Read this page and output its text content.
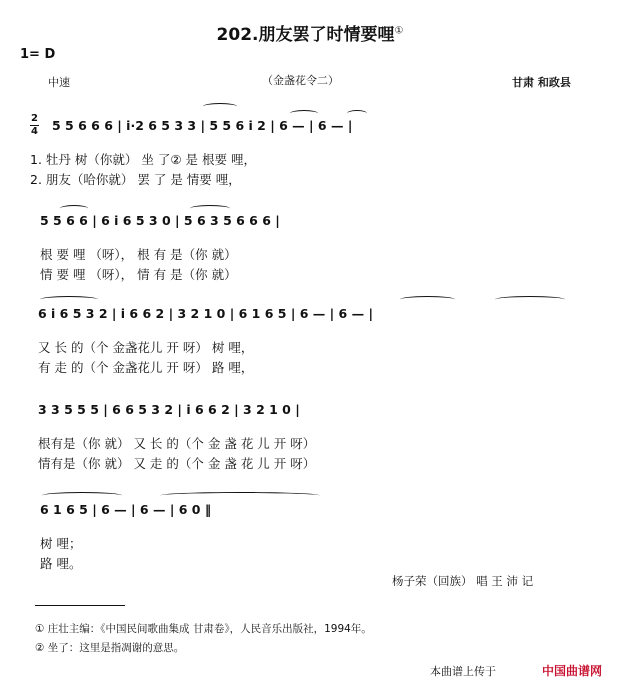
202.朋友罢了时情要哩①
1= D
中速	（金盏花令二）	甘肃 和政县
2
4 5 5 6 6 6 | i·2 6 5 3 3 | 5 5 6 i 2 | 6 — | 6 — |
1. 牡丹 树（你就） 坐 了② 是 根要 哩，
2. 朋友（哈你就） 罢 了 是 情要 哩，
5 5 6 6 | 6 i 6 5 3 0 | 5 6 3 5 6 6 6 |
根 要 哩 （呀）， 根 有 是（你 就）
情 要 哩 （呀）， 情 有 是（你 就）
6 i 6 5 3 2 | i 6 6 2 | 3 2 1 0 | 6 1 6 5 | 6 — | 6 — |
又 长 的（个 金盏花儿 开 呀） 树 哩，
有 走 的（个 金盏花儿 开 呀） 路 哩，
3 3 5 5 5 | 6 6 5 3 2 | i 6 6 2 | 3 2 1 0 |
根有是（你 就） 又 长 的（个 金 盏 花 儿 开 呀）
情有是（你 就） 又 走 的（个 金 盏 花 儿 开 呀）
6 1 6 5 | 6 — | 6 — | 6 0 ‖
树 哩；
路 哩。
杨子荣（回族） 唱 王 沛 记
① 庄壮主编：《中国民间歌曲集成 甘肃卷》，人民音乐出版社，1994年。
② 坐了：这里是指凋谢的意思。
本曲谱上传于	中国曲谱网
